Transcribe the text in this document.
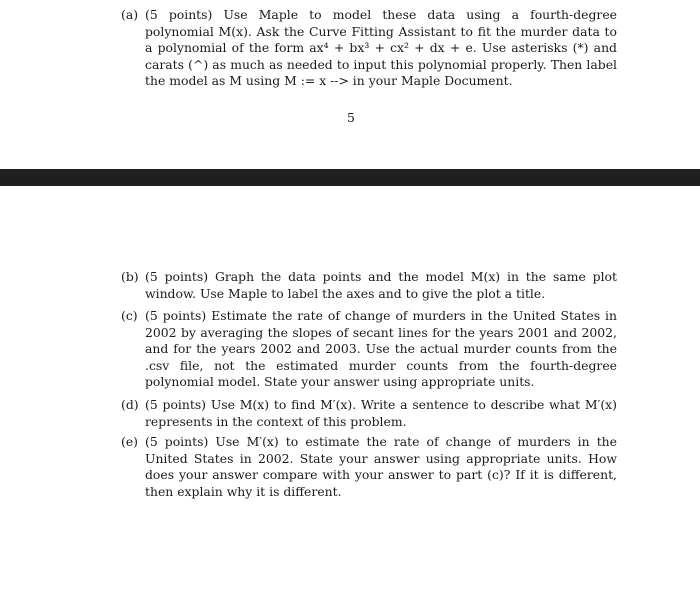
(a) (5 points) Use Maple to model these data using a fourth-degree polynomial M(x). Ask the Curve Fitting Assistant to fit the murder data to a polynomial of the form ax⁴ + bx³ + cx² + dx + e. Use asterisks (*) and carats (^) as much as needed to input this polynomial properly. Then label the model as M using M := x --> in your Maple Document.
5
(b) (5 points) Graph the data points and the model M(x) in the same plot window. Use Maple to label the axes and to give the plot a title.
(c) (5 points) Estimate the rate of change of murders in the United States in 2002 by averaging the slopes of secant lines for the years 2001 and 2002, and for the years 2002 and 2003. Use the actual murder counts from the .csv file, not the estimated murder counts from the fourth-degree polynomial model. State your answer using appropriate units.
(d) (5 points) Use M(x) to find M′(x). Write a sentence to describe what M′(x) represents in the context of this problem.
(e) (5 points) Use M′(x) to estimate the rate of change of murders in the United States in 2002. State your answer using appropriate units. How does your answer compare with your answer to part (c)? If it is different, then explain why it is different.
